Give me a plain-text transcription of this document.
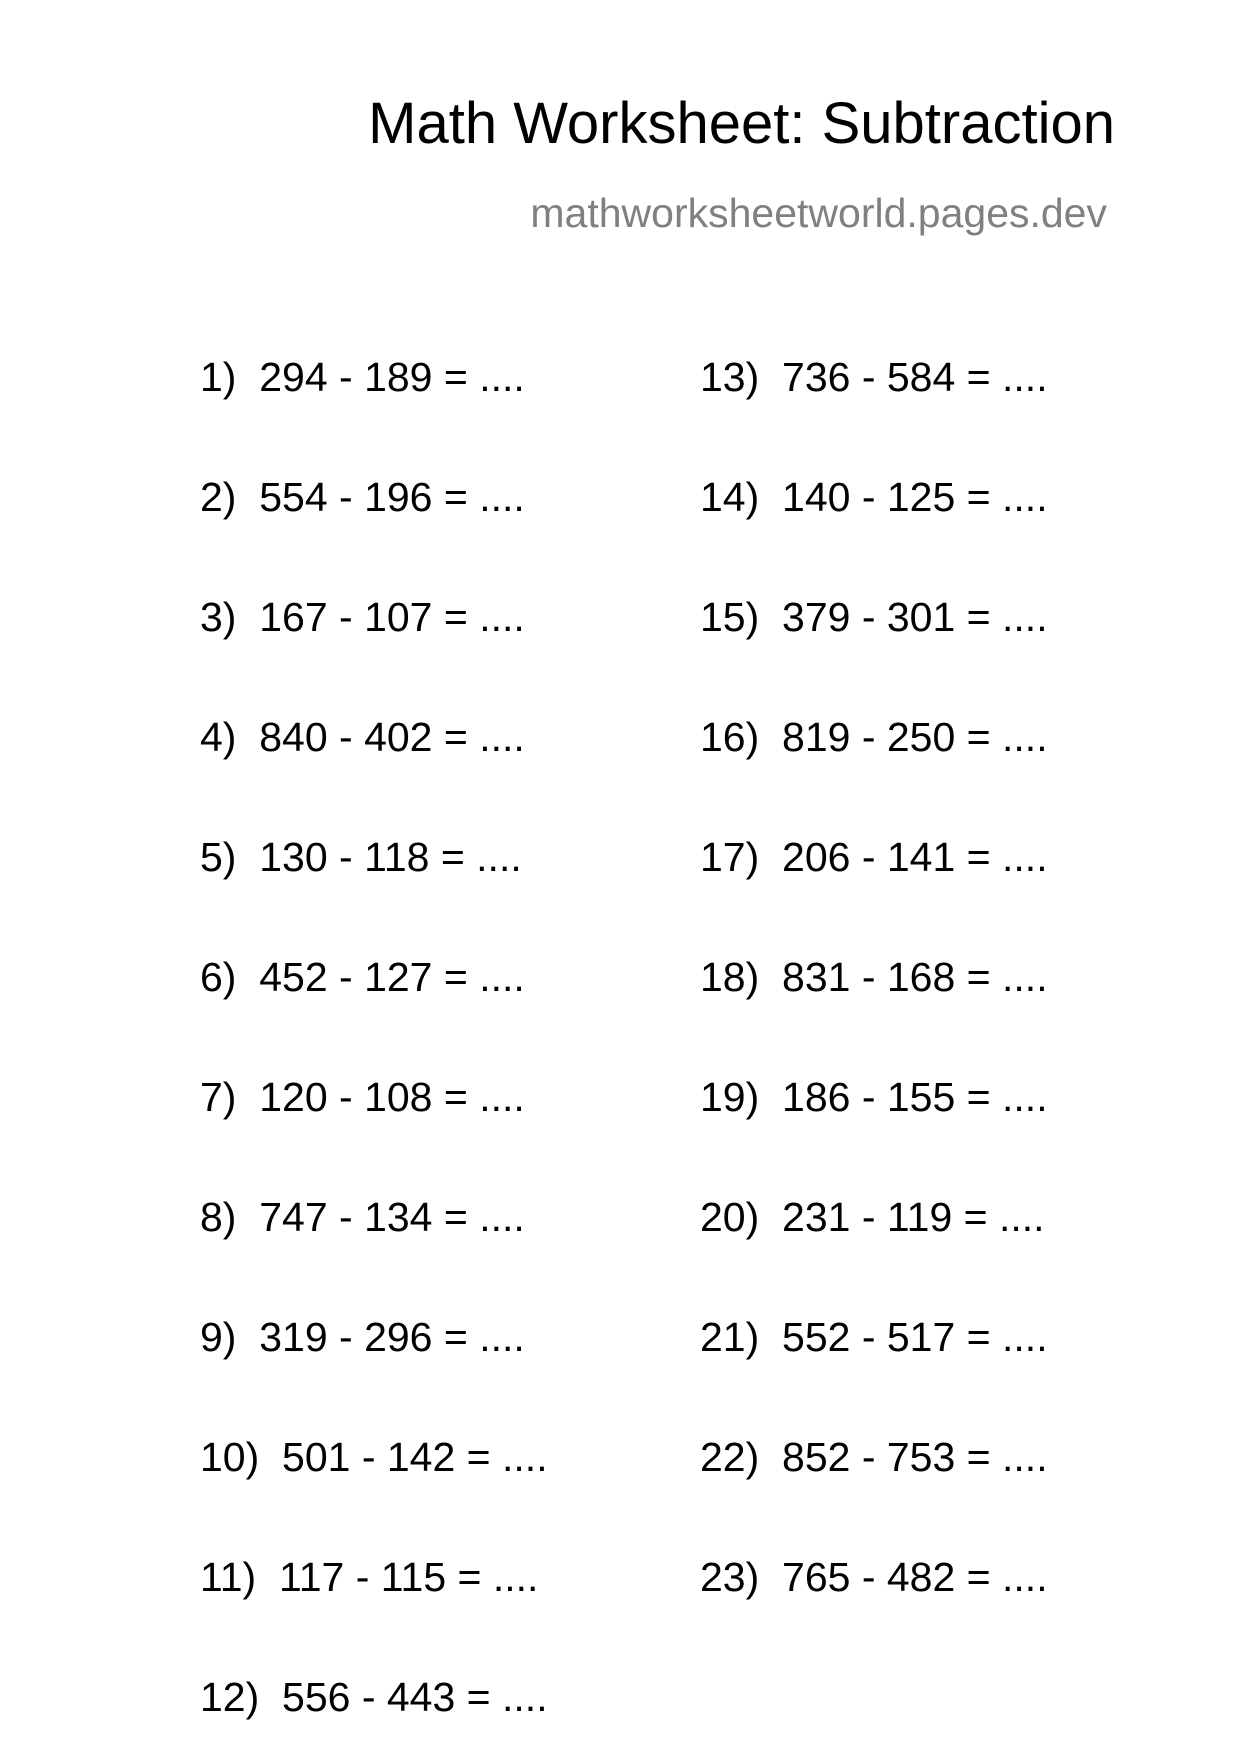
Math Worksheet: Subtraction
mathworksheetworld.pages.dev
1)  294 - 189 = ....
2)  554 - 196 = ....
3)  167 - 107 = ....
4)  840 - 402 = ....
5)  130 - 118 = ....
6)  452 - 127 = ....
7)  120 - 108 = ....
8)  747 - 134 = ....
9)  319 - 296 = ....
10)  501 - 142 = ....
11)  117 - 115 = ....
12)  556 - 443 = ....
13)  736 - 584 = ....
14)  140 - 125 = ....
15)  379 - 301 = ....
16)  819 - 250 = ....
17)  206 - 141 = ....
18)  831 - 168 = ....
19)  186 - 155 = ....
20)  231 - 119 = ....
21)  552 - 517 = ....
22)  852 - 753 = ....
23)  765 - 482 = ....
